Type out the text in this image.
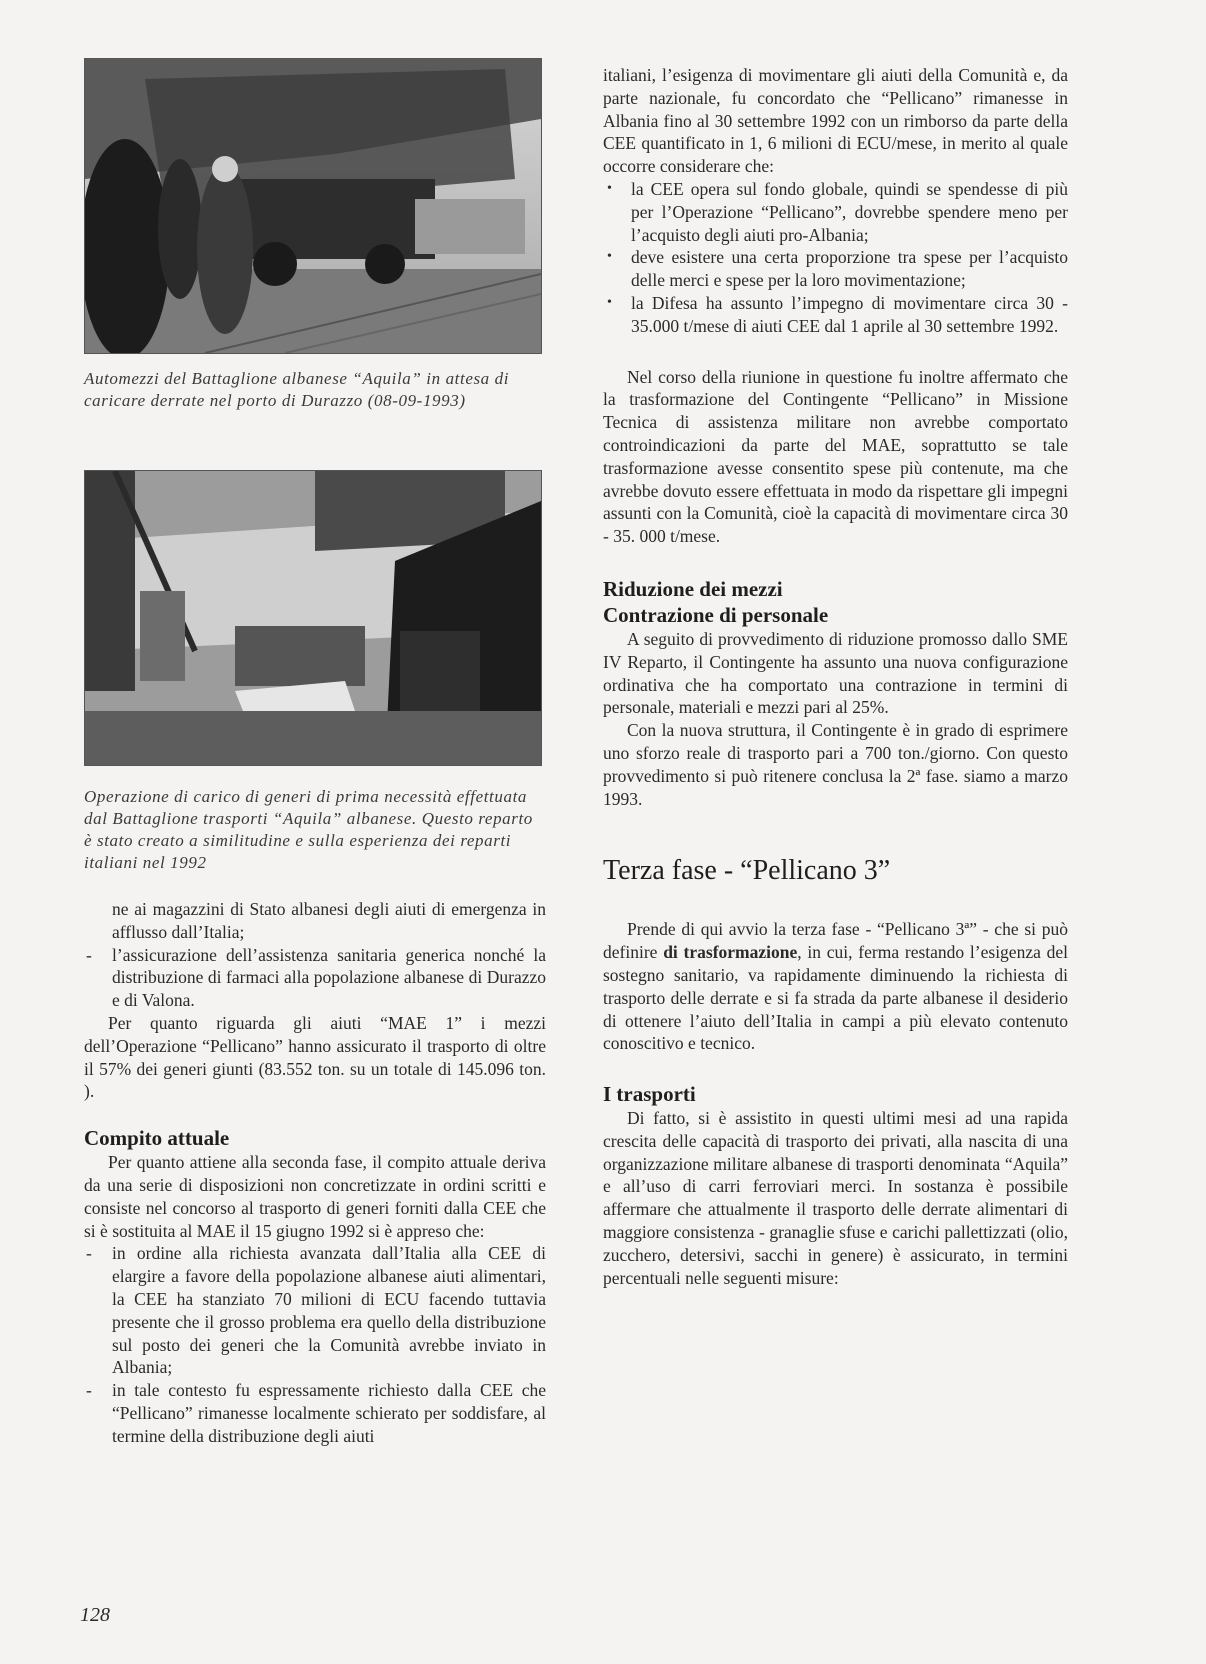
Automezzi del Battaglione albanese “Aquila” in attesa di caricare derrate nel porto di Durazzo (08-09-1993)
Operazione di carico di generi di prima necessità effettuata dal Battaglione trasporti “Aquila” albanese. Questo reparto è stato creato a similitudine e sulla esperienza dei reparti italiani nel 1992

ne ai magazzini di Stato albanesi degli aiuti di emergenza in afflusso dall’Italia;

- l’assicurazione dell’assistenza sanitaria generica nonché la distribuzione di farmaci alla popolazione albanese di Durazzo e di Valona.

Per quanto riguarda gli aiuti “MAE 1” i mezzi dell’Operazione “Pellicano” hanno assicurato il trasporto di oltre il 57% dei generi giunti (83.552 ton. su un totale di 145.096 ton. ).

Compito attuale

Per quanto attiene alla seconda fase, il compito attuale deriva da una serie di disposizioni non concretizzate in ordini scritti e consiste nel concorso al trasporto di generi forniti dalla CEE che si è sostituita al MAE il 15 giugno 1992 si è appreso che:

- in ordine alla richiesta avanzata dall’Italia alla CEE di elargire a favore della popolazione albanese aiuti alimentari, la CEE ha stanziato 70 milioni di ECU facendo tuttavia presente che il grosso problema era quello della distribuzione sul posto dei generi che la Comunità avrebbe inviato in Albania;
- in tale contesto fu espressamente richiesto dalla CEE che “Pellicano” rimanesse localmente schierato per soddisfare, al termine della distribuzione degli aiuti

italiani, l’esigenza di movimentare gli aiuti della Comunità e, da parte nazionale, fu concordato che “Pellicano” rimanesse in Albania fino al 30 settembre 1992 con un rimborso da parte della CEE quantificato in 1, 6 milioni di ECU/mese, in merito al quale occorre considerare che:

• la CEE opera sul fondo globale, quindi se spendesse di più per l’Operazione “Pellicano”, dovrebbe spendere meno per l’acquisto degli aiuti pro-Albania;
• deve esistere una certa proporzione tra spese per l’acquisto delle merci e spese per la loro movimentazione;
• la Difesa ha assunto l’impegno di movimentare circa 30 - 35.000 t/mese di aiuti CEE dal 1 aprile al 30 settembre 1992.

Nel corso della riunione in questione fu inoltre affermato che la trasformazione del Contingente “Pellicano” in Missione Tecnica di assistenza militare non avrebbe comportato controindicazioni da parte del MAE, soprattutto se tale trasformazione avesse consentito spese più contenute, ma che avrebbe dovuto essere effettuata in modo da rispettare gli impegni assunti con la Comunità, cioè la capacità di movimentare circa 30 - 35. 000 t/mese.

Riduzione dei mezzi
Contrazione di personale

A seguito di provvedimento di riduzione promosso dallo SME IV Reparto, il Contingente ha assunto una nuova configurazione ordinativa che ha comportato una contrazione in termini di personale, materiali e mezzi pari al 25%.

Con la nuova struttura, il Contingente è in grado di esprimere uno sforzo reale di trasporto pari a 700 ton./giorno. Con questo provvedimento si può ritenere conclusa la 2ª fase. siamo a marzo 1993.

Terza fase - “Pellicano 3”

Prende di qui avvio la terza fase - “Pellicano 3ª” - che si può definire di trasformazione, in cui, ferma restando l’esigenza del sostegno sanitario, va rapidamente diminuendo la richiesta di trasporto delle derrate e si fa strada da parte albanese il desiderio di ottenere l’aiuto dell’Italia in campi a più elevato contenuto conoscitivo e tecnico.

I trasporti

Di fatto, si è assistito in questi ultimi mesi ad una rapida crescita delle capacità di trasporto dei privati, alla nascita di una organizzazione militare albanese di trasporti denominata “Aquila” e all’uso di carri ferroviari merci. In sostanza è possibile affermare che attualmente il trasporto delle derrate alimentari di maggiore consistenza - granaglie sfuse e carichi pallettizzati (olio, zucchero, detersivi, sacchi in genere) è assicurato, in termini percentuali nelle seguenti misure:

128
